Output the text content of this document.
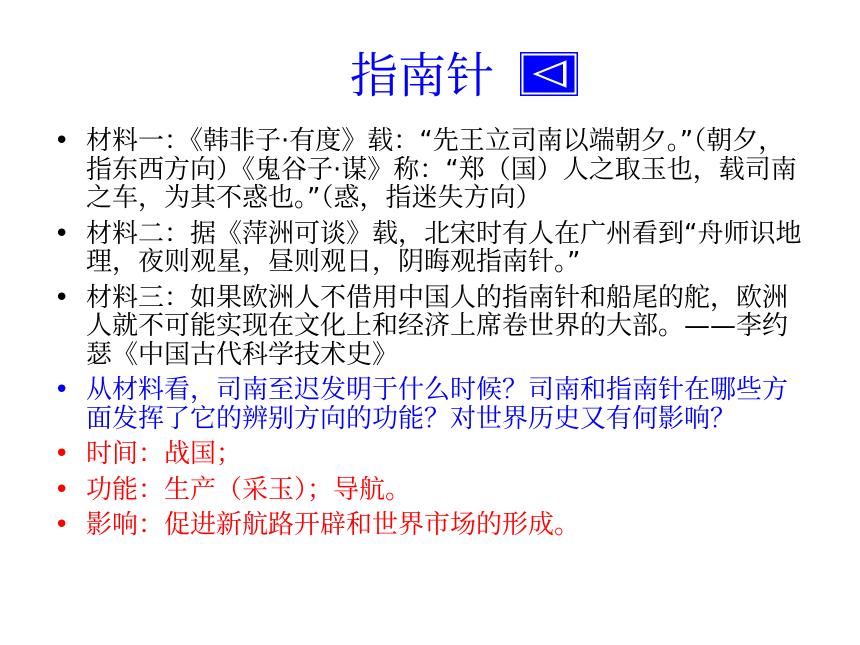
指南针
• 材料一：《韩非子·有度》载：“先王立司南以端朝夕。”（朝夕，指东西方向）《鬼谷子·谋》称：“郑（国）人之取玉也，载司南之车，为其不惑也。”（惑，指迷失方向）
• 材料二：据《萍洲可谈》载，北宋时有人在广州看到“舟师识地理，夜则观星，昼则观日，阴晦观指南针。”
• 材料三：如果欧洲人不借用中国人的指南针和船尾的舵，欧洲人就不可能实现在文化上和经济上席卷世界的大部。——李约瑟《中国古代科学技术史》
• 从材料看，司南至迟发明于什么时候？司南和指南针在哪些方面发挥了它的辨别方向的功能？对世界历史又有何影响？
• 时间：战国；
• 功能：生产（采玉）；导航。
• 影响：促进新航路开辟和世界市场的形成。
